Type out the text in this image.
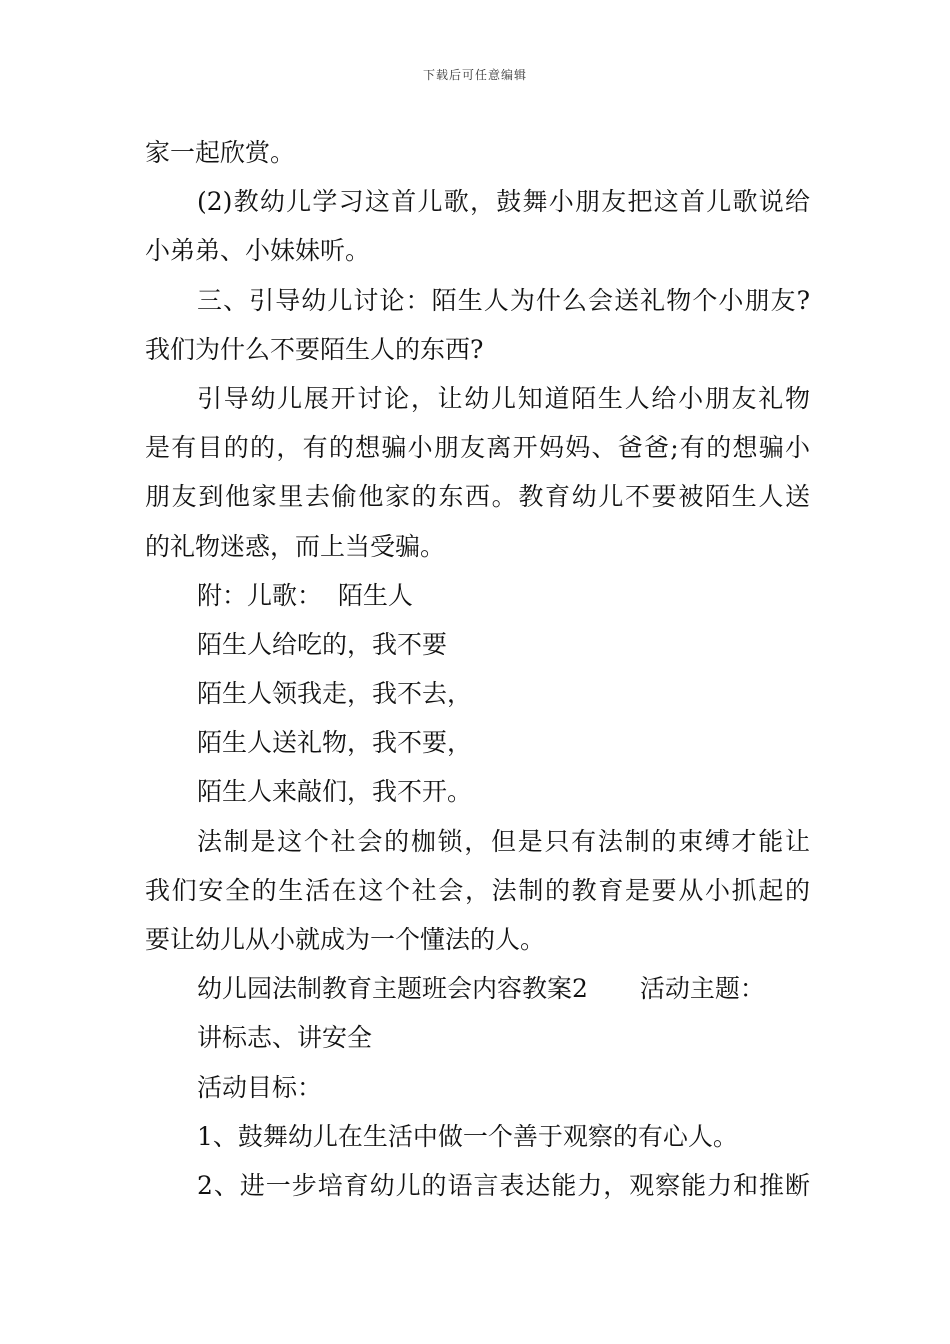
下载后可任意编辑
家一起欣赏。
(2)教幼儿学习这首儿歌，鼓舞小朋友把这首儿歌说给
小弟弟、小妹妹听。
三、引导幼儿讨论：陌生人为什么会送礼物个小朋友?
我们为什么不要陌生人的东西?
引导幼儿展开讨论，让幼儿知道陌生人给小朋友礼物
是有目的的，有的想骗小朋友离开妈妈、爸爸;有的想骗小
朋友到他家里去偷他家的东西。教育幼儿不要被陌生人送
的礼物迷惑，而上当受骗。
附：儿歌：  陌生人
陌生人给吃的，我不要
陌生人领我走，我不去，
陌生人送礼物，我不要，
陌生人来敲们，我不开。
法制是这个社会的枷锁，但是只有法制的束缚才能让
我们安全的生活在这个社会，法制的教育是要从小抓起的
要让幼儿从小就成为一个懂法的人。
幼儿园法制教育主题班会内容教案2 活动主题：
讲标志、讲安全
活动目标：
1、鼓舞幼儿在生活中做一个善于观察的有心人。
2、进一步培育幼儿的语言表达能力，观察能力和推断
